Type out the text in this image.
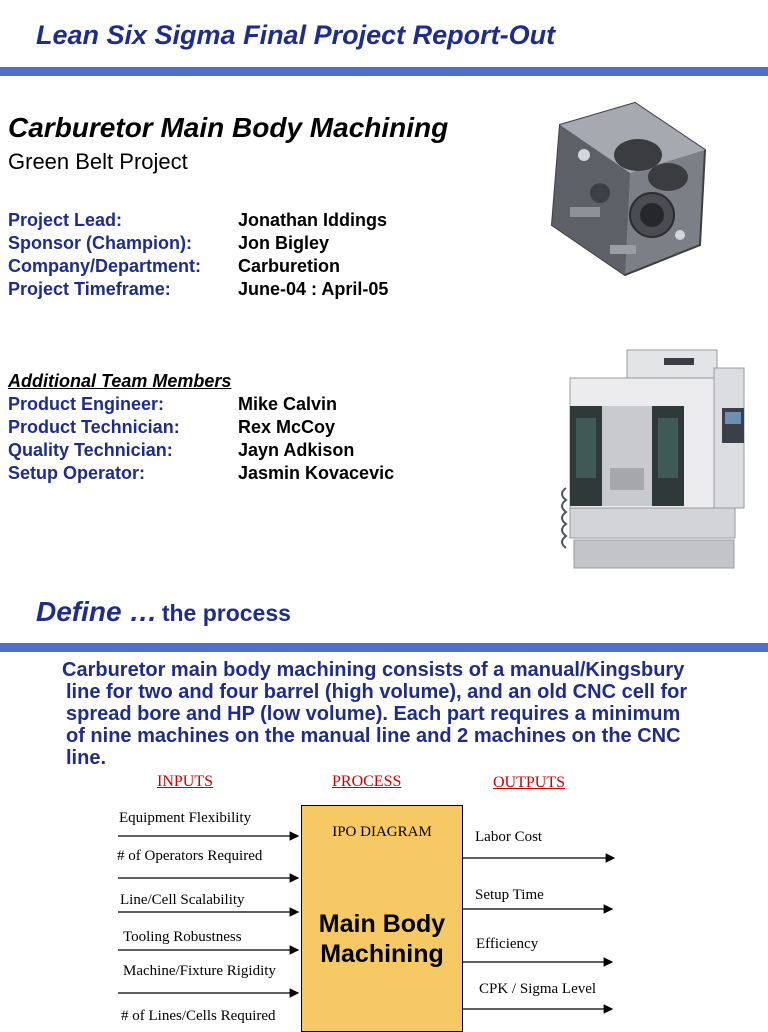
Lean Six Sigma Final Project Report-Out
Carburetor Main Body Machining
Green Belt Project
Project Lead:	Jonathan Iddings
Sponsor (Champion):	Jon Bigley
Company/Department: Carburetion
Project Timeframe:	June-04 : April-05
Additional Team Members
Product Engineer:	Mike Calvin
Product Technician:	Rex McCoy
Quality Technician:	Jayn Adkison
Setup Operator:	Jasmin Kovacevic
Define … the process
Carburetor main body machining consists of a manual/Kingsbury
line for two and four barrel (high volume), and an old CNC cell for
spread bore and HP (low volume). Each part requires a minimum
of nine machines on the manual line and 2 machines on the CNC
line.
INPUTS	PROCESS	OUTPUTS
Equipment Flexibility
# of Operators Required
Line/Cell Scalability
Tooling Robustness
Machine/Fixture Rigidity
# of Lines/Cells Required
IPO DIAGRAM
Main Body
Machining
Labor Cost
Setup Time
Efficiency
CPK / Sigma Level
